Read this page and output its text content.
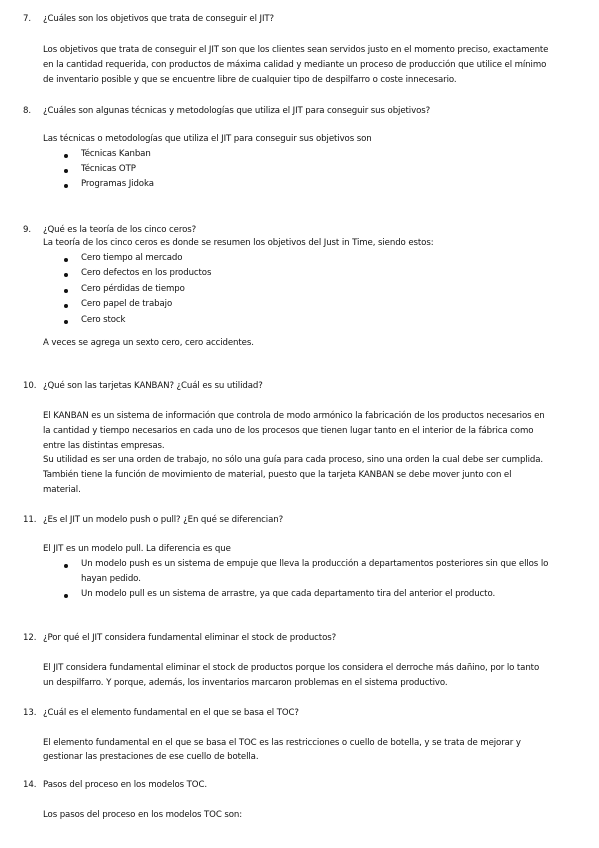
7. ¿Cuáles son los objetivos que trata de conseguir el JIT?
Los objetivos que trata de conseguir el JIT son que los clientes sean servidos justo en el momento preciso, exactamente
en la cantidad requerida, con productos de máxima calidad y mediante un proceso de producción que utilice el mínimo
de inventario posible y que se encuentre libre de cualquier tipo de despilfarro o coste innecesario.
8. ¿Cuáles son algunas técnicas y metodologías que utiliza el JIT para conseguir sus objetivos?
Las técnicas o metodologías que utiliza el JIT para conseguir sus objetivos son
Técnicas Kanban
Técnicas OTP
Programas Jidoka
9. ¿Qué es la teoría de los cinco ceros?
La teoría de los cinco ceros es donde se resumen los objetivos del Just in Time, siendo estos:
Cero tiempo al mercado
Cero defectos en los productos
Cero pérdidas de tiempo
Cero papel de trabajo
Cero stock
A veces se agrega un sexto cero, cero accidentes.
10. ¿Qué son las tarjetas KANBAN? ¿Cuál es su utilidad?
El KANBAN es un sistema de información que controla de modo armónico la fabricación de los productos necesarios en
la cantidad y tiempo necesarios en cada uno de los procesos que tienen lugar tanto en el interior de la fábrica como
entre las distintas empresas.
Su utilidad es ser una orden de trabajo, no sólo una guía para cada proceso, sino una orden la cual debe ser cumplida.
También tiene la función de movimiento de material, puesto que la tarjeta KANBAN se debe mover junto con el
material.
11. ¿Es el JIT un modelo push o pull? ¿En qué se diferencian?
El JIT es un modelo pull. La diferencia es que
Un modelo push es un sistema de empuje que lleva la producción a departamentos posteriores sin que ellos lo
hayan pedido.
Un modelo pull es un sistema de arrastre, ya que cada departamento tira del anterior el producto.
12. ¿Por qué el JIT considera fundamental eliminar el stock de productos?
El JIT considera fundamental eliminar el stock de productos porque los considera el derroche más dañino, por lo tanto
un despilfarro. Y porque, además, los inventarios marcaron problemas en el sistema productivo.
13. ¿Cuál es el elemento fundamental en el que se basa el TOC?
El elemento fundamental en el que se basa el TOC es las restricciones o cuello de botella, y se trata de mejorar y
gestionar las prestaciones de ese cuello de botella.
14. Pasos del proceso en los modelos TOC.
Los pasos del proceso en los modelos TOC son:
